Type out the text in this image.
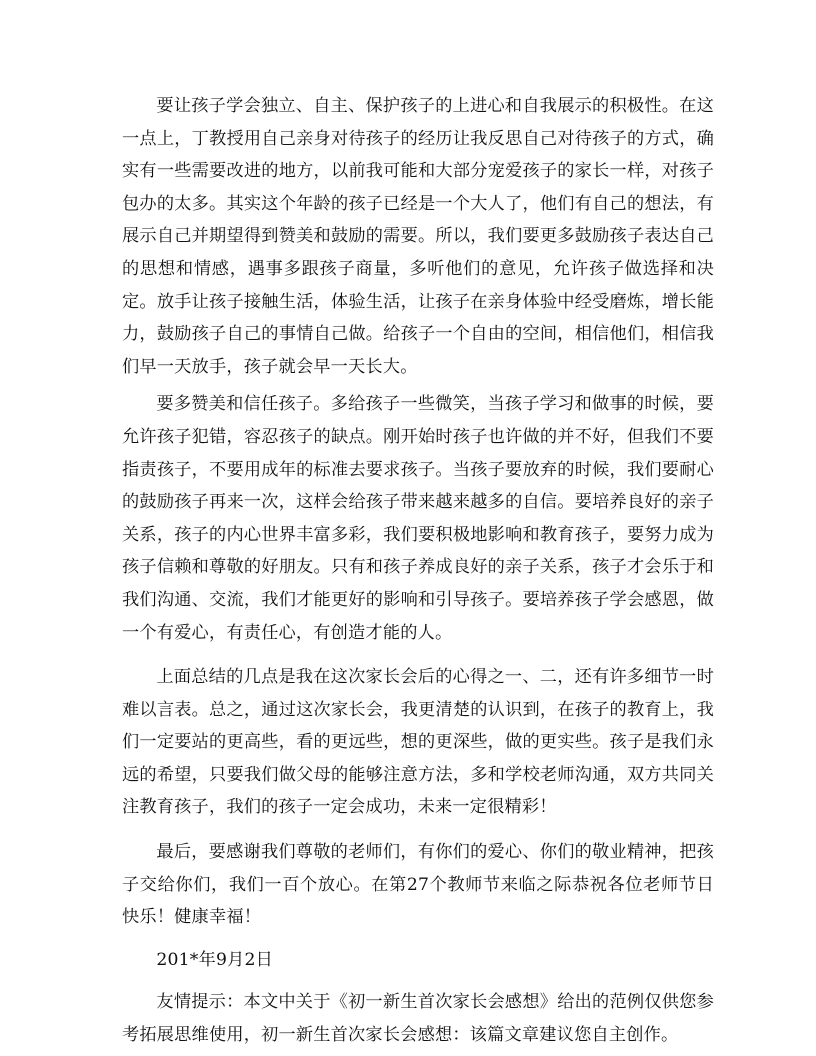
要让孩子学会独立、自主、保护孩子的上进心和自我展示的积极性。在这一点上，丁教授用自己亲身对待孩子的经历让我反思自己对待孩子的方式，确实有一些需要改进的地方，以前我可能和大部分宠爱孩子的家长一样，对孩子包办的太多。其实这个年龄的孩子已经是一个大人了，他们有自己的想法，有展示自己并期望得到赞美和鼓励的需要。所以，我们要更多鼓励孩子表达自己的思想和情感，遇事多跟孩子商量，多听他们的意见，允许孩子做选择和决定。放手让孩子接触生活，体验生活，让孩子在亲身体验中经受磨炼，增长能力，鼓励孩子自己的事情自己做。给孩子一个自由的空间，相信他们，相信我们早一天放手，孩子就会早一天长大。

要多赞美和信任孩子。多给孩子一些微笑，当孩子学习和做事的时候，要允许孩子犯错，容忍孩子的缺点。刚开始时孩子也许做的并不好，但我们不要指责孩子，不要用成年的标准去要求孩子。当孩子要放弃的时候，我们要耐心的鼓励孩子再来一次，这样会给孩子带来越来越多的自信。要培养良好的亲子关系，孩子的内心世界丰富多彩，我们要积极地影响和教育孩子，要努力成为孩子信赖和尊敬的好朋友。只有和孩子养成良好的亲子关系，孩子才会乐于和我们沟通、交流，我们才能更好的影响和引导孩子。要培养孩子学会感恩，做一个有爱心，有责任心，有创造才能的人。

上面总结的几点是我在这次家长会后的心得之一、二，还有许多细节一时难以言表。总之，通过这次家长会，我更清楚的认识到，在孩子的教育上，我们一定要站的更高些，看的更远些，想的更深些，做的更实些。孩子是我们永远的希望，只要我们做父母的能够注意方法，多和学校老师沟通，双方共同关注教育孩子，我们的孩子一定会成功，未来一定很精彩！

最后，要感谢我们尊敬的老师们，有你们的爱心、你们的敬业精神，把孩子交给你们，我们一百个放心。在第27个教师节来临之际恭祝各位老师节日快乐！健康幸福！

201*年9月2日

友情提示：本文中关于《初一新生首次家长会感想》给出的范例仅供您参考拓展思维使用，初一新生首次家长会感想：该篇文章建议您自主创作。
